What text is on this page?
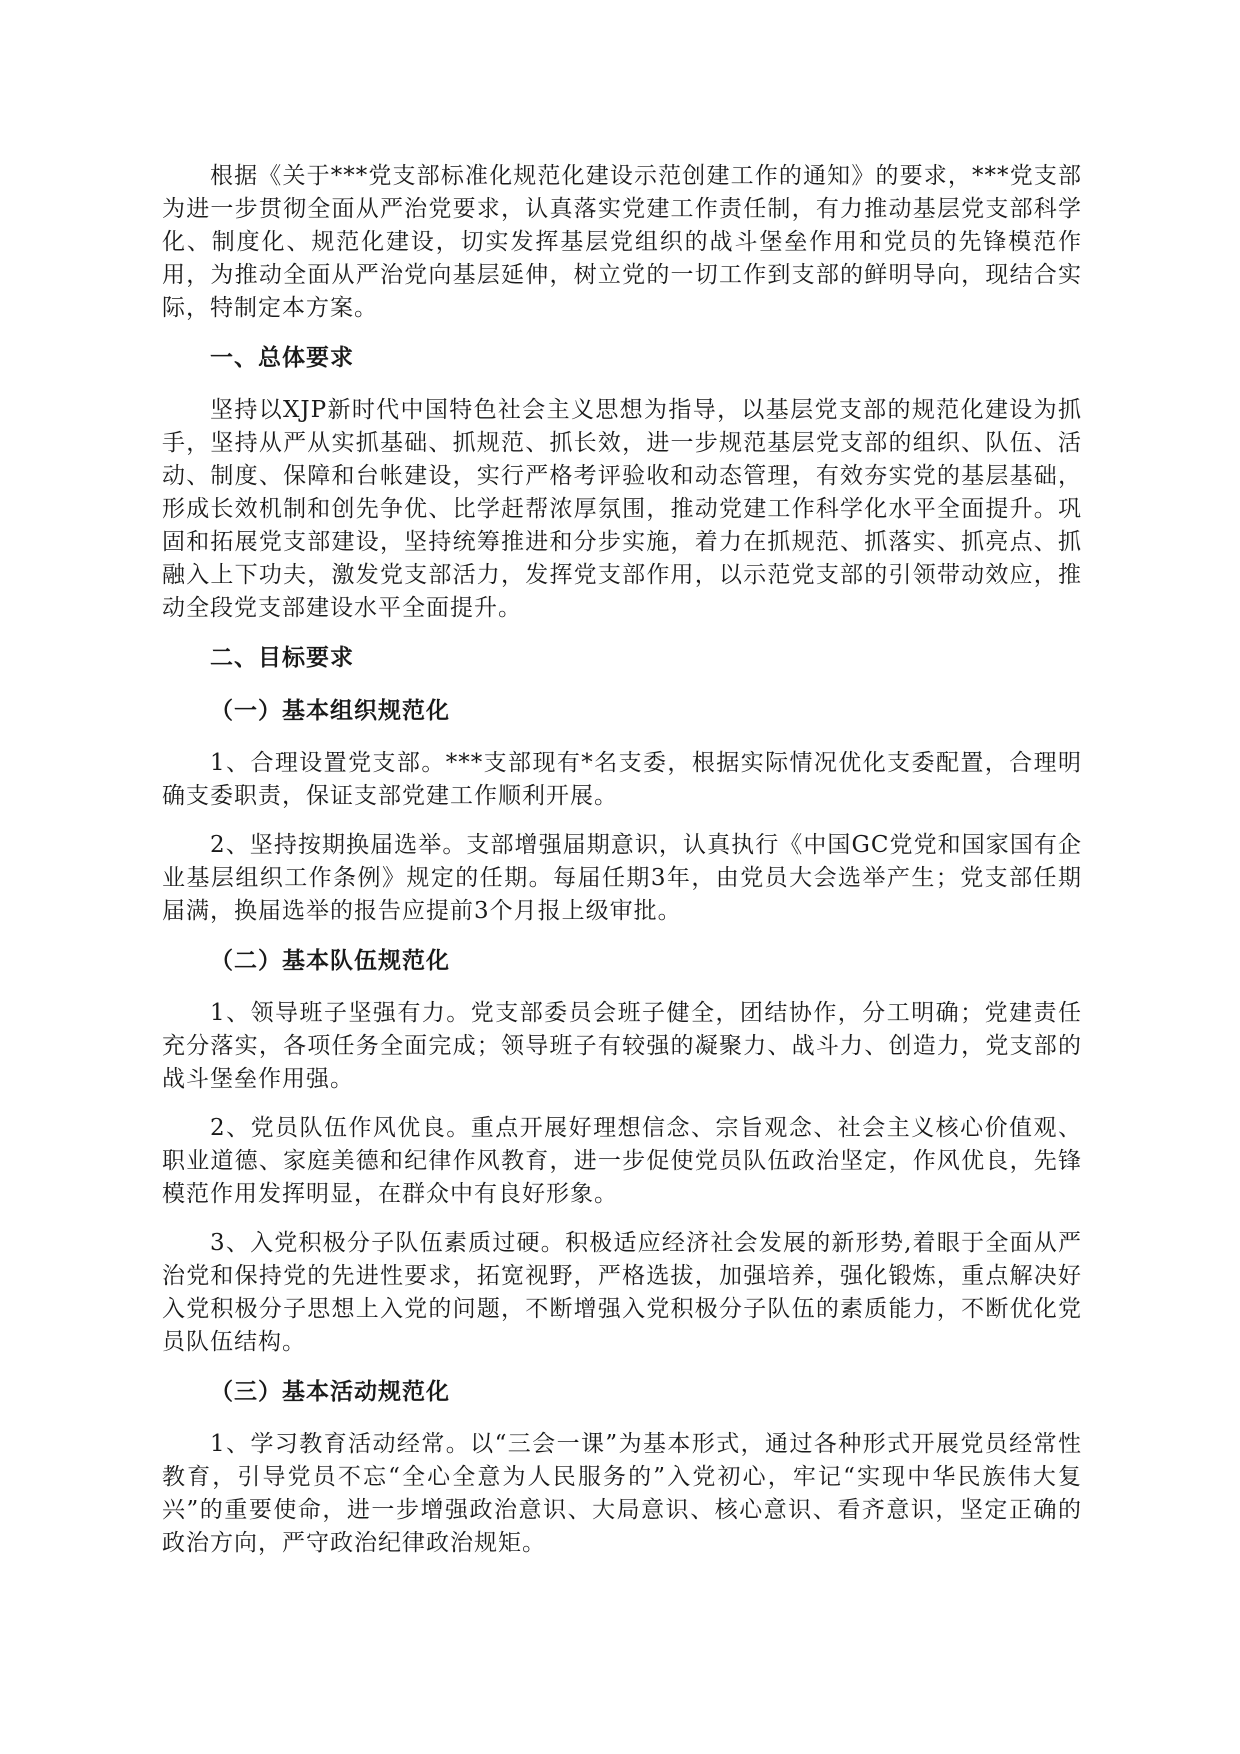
根据《关于***党支部标准化规范化建设示范创建工作的通知》的要求，***党支部为进一步贯彻全面从严治党要求，认真落实党建工作责任制，有力推动基层党支部科学化、制度化、规范化建设，切实发挥基层党组织的战斗堡垒作用和党员的先锋模范作用，为推动全面从严治党向基层延伸，树立党的一切工作到支部的鲜明导向，现结合实际，特制定本方案。

一、总体要求

坚持以XJP新时代中国特色社会主义思想为指导，以基层党支部的规范化建设为抓手，坚持从严从实抓基础、抓规范、抓长效，进一步规范基层党支部的组织、队伍、活动、制度、保障和台帐建设，实行严格考评验收和动态管理，有效夯实党的基层基础，形成长效机制和创先争优、比学赶帮浓厚氛围，推动党建工作科学化水平全面提升。巩固和拓展党支部建设，坚持统筹推进和分步实施，着力在抓规范、抓落实、抓亮点、抓融入上下功夫，激发党支部活力，发挥党支部作用，以示范党支部的引领带动效应，推动全段党支部建设水平全面提升。

二、目标要求

（一）基本组织规范化

1、合理设置党支部。***支部现有*名支委，根据实际情况优化支委配置，合理明确支委职责，保证支部党建工作顺利开展。

2、坚持按期换届选举。支部增强届期意识，认真执行《中国GC党党和国家国有企业基层组织工作条例》规定的任期。每届任期3年，由党员大会选举产生；党支部任期届满，换届选举的报告应提前3个月报上级审批。

（二）基本队伍规范化

1、领导班子坚强有力。党支部委员会班子健全，团结协作，分工明确；党建责任充分落实，各项任务全面完成；领导班子有较强的凝聚力、战斗力、创造力，党支部的战斗堡垒作用强。

2、党员队伍作风优良。重点开展好理想信念、宗旨观念、社会主义核心价值观、职业道德、家庭美德和纪律作风教育，进一步促使党员队伍政治坚定，作风优良，先锋模范作用发挥明显，在群众中有良好形象。

3、入党积极分子队伍素质过硬。积极适应经济社会发展的新形势,着眼于全面从严治党和保持党的先进性要求，拓宽视野，严格选拔，加强培养，强化锻炼，重点解决好入党积极分子思想上入党的问题，不断增强入党积极分子队伍的素质能力，不断优化党员队伍结构。

（三）基本活动规范化

1、学习教育活动经常。以“三会一课”为基本形式，通过各种形式开展党员经常性教育，引导党员不忘“全心全意为人民服务的”入党初心，牢记“实现中华民族伟大复兴”的重要使命，进一步增强政治意识、大局意识、核心意识、看齐意识，坚定正确的政治方向，严守政治纪律政治规矩。
